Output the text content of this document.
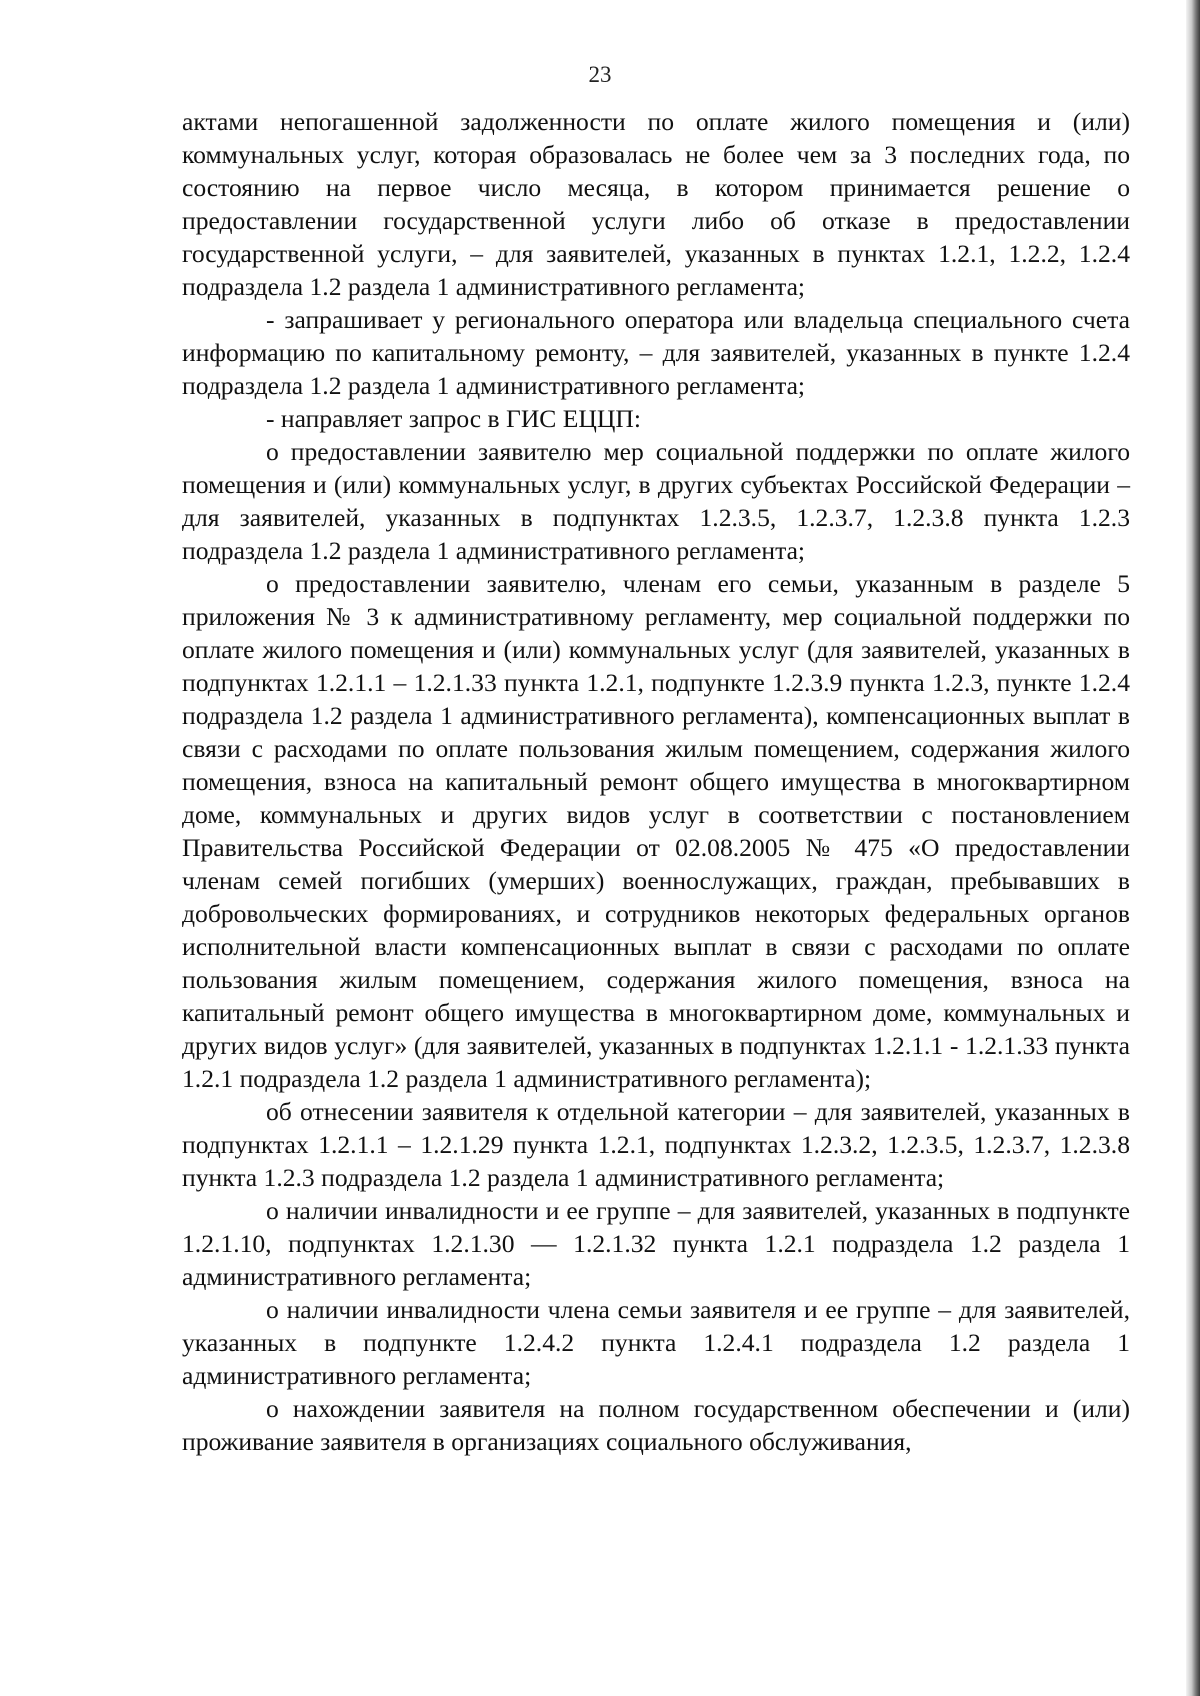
23

актами непогашенной задолженности по оплате жилого помещения и (или) коммунальных услуг, которая образовалась не более чем за 3 последних года, по состоянию на первое число месяца, в котором принимается решение о предоставлении государственной услуги либо об отказе в предоставлении государственной услуги, – для заявителей, указанных в пунктах 1.2.1, 1.2.2, 1.2.4 подраздела 1.2 раздела 1 административного регламента;

- запрашивает у регионального оператора или владельца специального счета информацию по капитальному ремонту, – для заявителей, указанных в пункте 1.2.4 подраздела 1.2 раздела 1 административного регламента;

- направляет запрос в ГИС ЕЦЦП:

о предоставлении заявителю мер социальной поддержки по оплате жилого помещения и (или) коммунальных услуг, в других субъектах Российской Федерации – для заявителей, указанных в подпунктах 1.2.3.5, 1.2.3.7, 1.2.3.8 пункта 1.2.3 подраздела 1.2 раздела 1 административного регламента;

о предоставлении заявителю, членам его семьи, указанным в разделе 5 приложения № 3 к административному регламенту, мер социальной поддержки по оплате жилого помещения и (или) коммунальных услуг (для заявителей, указанных в подпунктах 1.2.1.1 – 1.2.1.33 пункта 1.2.1, подпункте 1.2.3.9 пункта 1.2.3, пункте 1.2.4 подраздела 1.2 раздела 1 административного регламента), компенсационных выплат в связи с расходами по оплате пользования жилым помещением, содержания жилого помещения, взноса на капитальный ремонт общего имущества в многоквартирном доме, коммунальных и других видов услуг в соответствии с постановлением Правительства Российской Федерации от 02.08.2005 № 475 «О предоставлении членам семей погибших (умерших) военнослужащих, граждан, пребывавших в добровольческих формированиях, и сотрудников некоторых федеральных органов исполнительной власти компенсационных выплат в связи с расходами по оплате пользования жилым помещением, содержания жилого помещения, взноса на капитальный ремонт общего имущества в многоквартирном доме, коммунальных и других видов услуг» (для заявителей, указанных в подпунктах 1.2.1.1 - 1.2.1.33 пункта 1.2.1 подраздела 1.2 раздела 1 административного регламента);

об отнесении заявителя к отдельной категории – для заявителей, указанных в подпунктах 1.2.1.1 – 1.2.1.29 пункта 1.2.1, подпунктах 1.2.3.2, 1.2.3.5, 1.2.3.7, 1.2.3.8 пункта 1.2.3 подраздела 1.2 раздела 1 административного регламента;

о наличии инвалидности и ее группе – для заявителей, указанных в подпункте 1.2.1.10, подпунктах 1.2.1.30 — 1.2.1.32 пункта 1.2.1 подраздела 1.2 раздела 1 административного регламента;

о наличии инвалидности члена семьи заявителя и ее группе – для заявителей, указанных в подпункте 1.2.4.2 пункта 1.2.4.1 подраздела 1.2 раздела 1 административного регламента;

о нахождении заявителя на полном государственном обеспечении и (или) проживание заявителя в организациях социального обслуживания,
